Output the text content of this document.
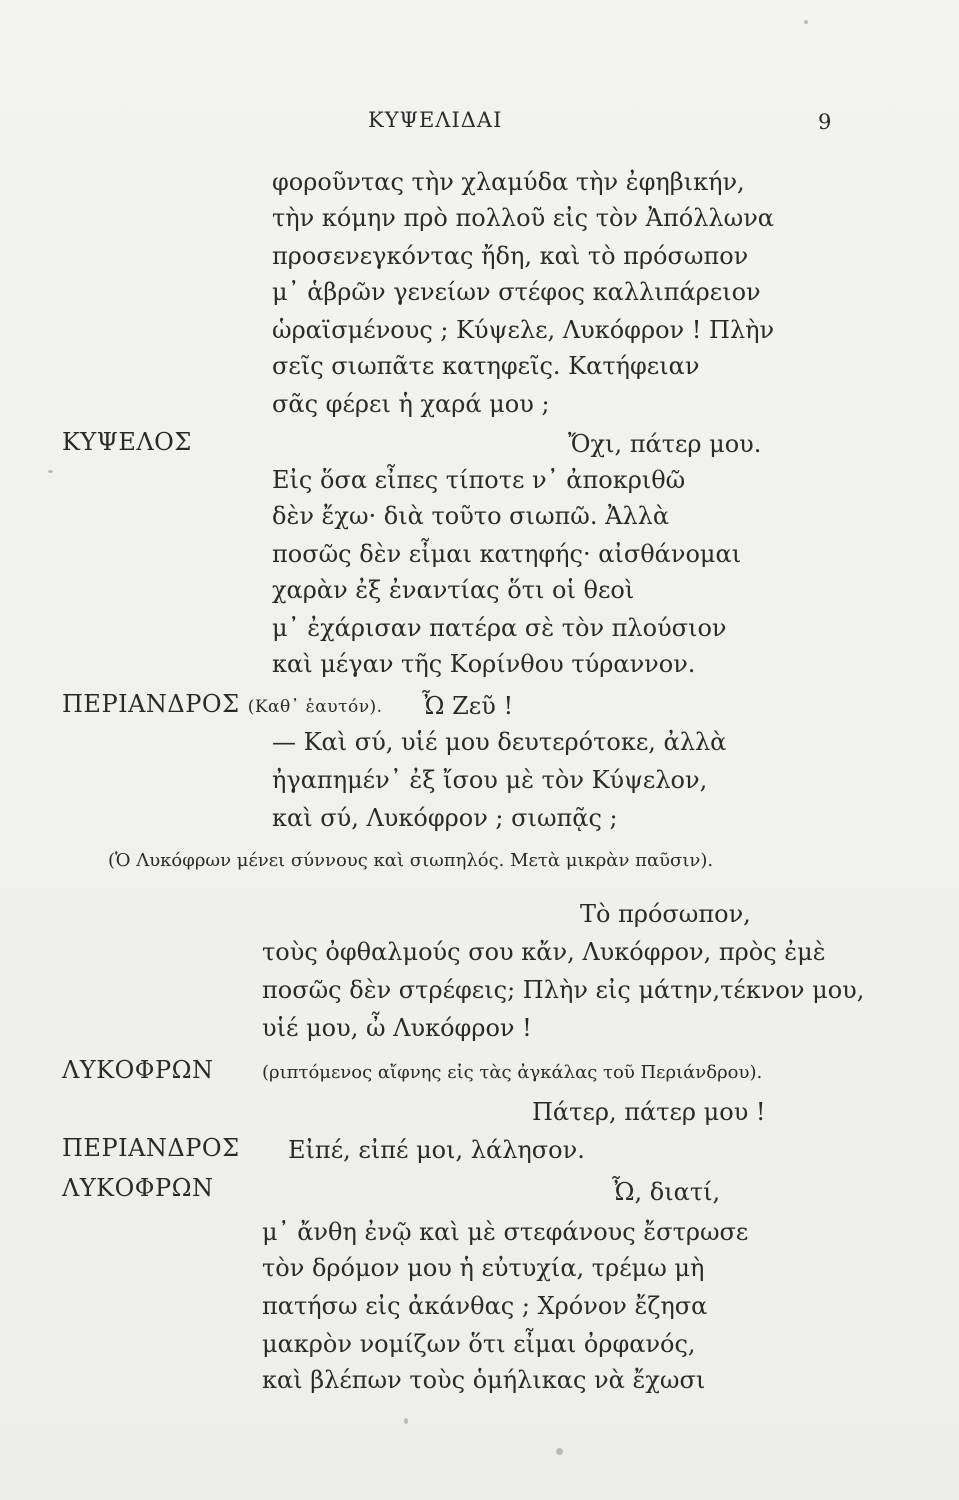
ΚΥΨΕΛΙΔΑΙ	9
φοροῦντας τὴν χλαμύδα τὴν ἐφηβικήν,
τὴν κόμην πρὸ πολλοῦ εἰς τὸν Ἀπόλλωνα
προσενεγκόντας ἤδη, καὶ τὸ πρόσωπον
μ᾿ ἁβρῶν γενείων στέφος καλλιπάρειον
ὡραϊσμένους ; Κύψελε, Λυκόφρον ! Πλὴν
σεῖς σιωπᾶτε κατηφεῖς. Κατήφειαν
σᾶς φέρει ἡ χαρά μου ;
ΚΥΨΕΛΟΣ	Ὄχι, πάτερ μου.
Εἰς ὅσα εἶπες τίποτε ν᾿ ἀποκριθῶ
δὲν ἔχω· διὰ τοῦτο σιωπῶ. Ἀλλὰ
ποσῶς δὲν εἶμαι κατηφής· αἰσθάνομαι
χαρὰν ἐξ ἐναντίας ὅτι οἱ θεοὶ
μ᾿ ἐχάρισαν πατέρα σὲ τὸν πλούσιον
καὶ μέγαν τῆς Κορίνθου τύραννον.
ΠΕΡΙΑΝΔΡΟΣ (Καθ᾿ ἑαυτόν). Ὦ Ζεῦ !
— Καὶ σύ, υἱέ μου δευτερότοκε, ἀλλὰ
ἠγαπημέν᾿ ἐξ ἴσου μὲ τὸν Κύψελον,
καὶ σύ, Λυκόφρον ; σιωπᾷς ;
(Ὁ Λυκόφρων μένει σύννους καὶ σιωπηλός. Μετὰ μικρὰν παῦσιν).
Τὸ πρόσωπον,
τοὺς ὀφθαλμούς σου κἄν, Λυκόφρον, πρὸς ἐμὲ
ποσῶς δὲν στρέφεις; Πλὴν εἰς μάτην,τέκνον μου,
υἱέ μου, ὦ Λυκόφρον !
ΛΥΚΟΦΡΩΝ	(ριπτόμενος αἴφνης εἰς τὰς ἀγκάλας τοῦ Περιάνδρου).
Πάτερ, πάτερ μου !
ΠΕΡΙΑΝΔΡΟΣ Εἰπέ, εἰπέ μοι, λάλησον.
ΛΥΚΟΦΡΩΝ	Ὦ, διατί,
μ᾿ ἄνθη ἐνῷ καὶ μὲ στεφάνους ἔστρωσε
τὸν δρόμον μου ἡ εὐτυχία, τρέμω μὴ
πατήσω εἰς ἀκάνθας ; Χρόνον ἔζησα
μακρὸν νομίζων ὅτι εἶμαι ὀρφανός,
καὶ βλέπων τοὺς ὁμήλικας νὰ ἔχωσι
